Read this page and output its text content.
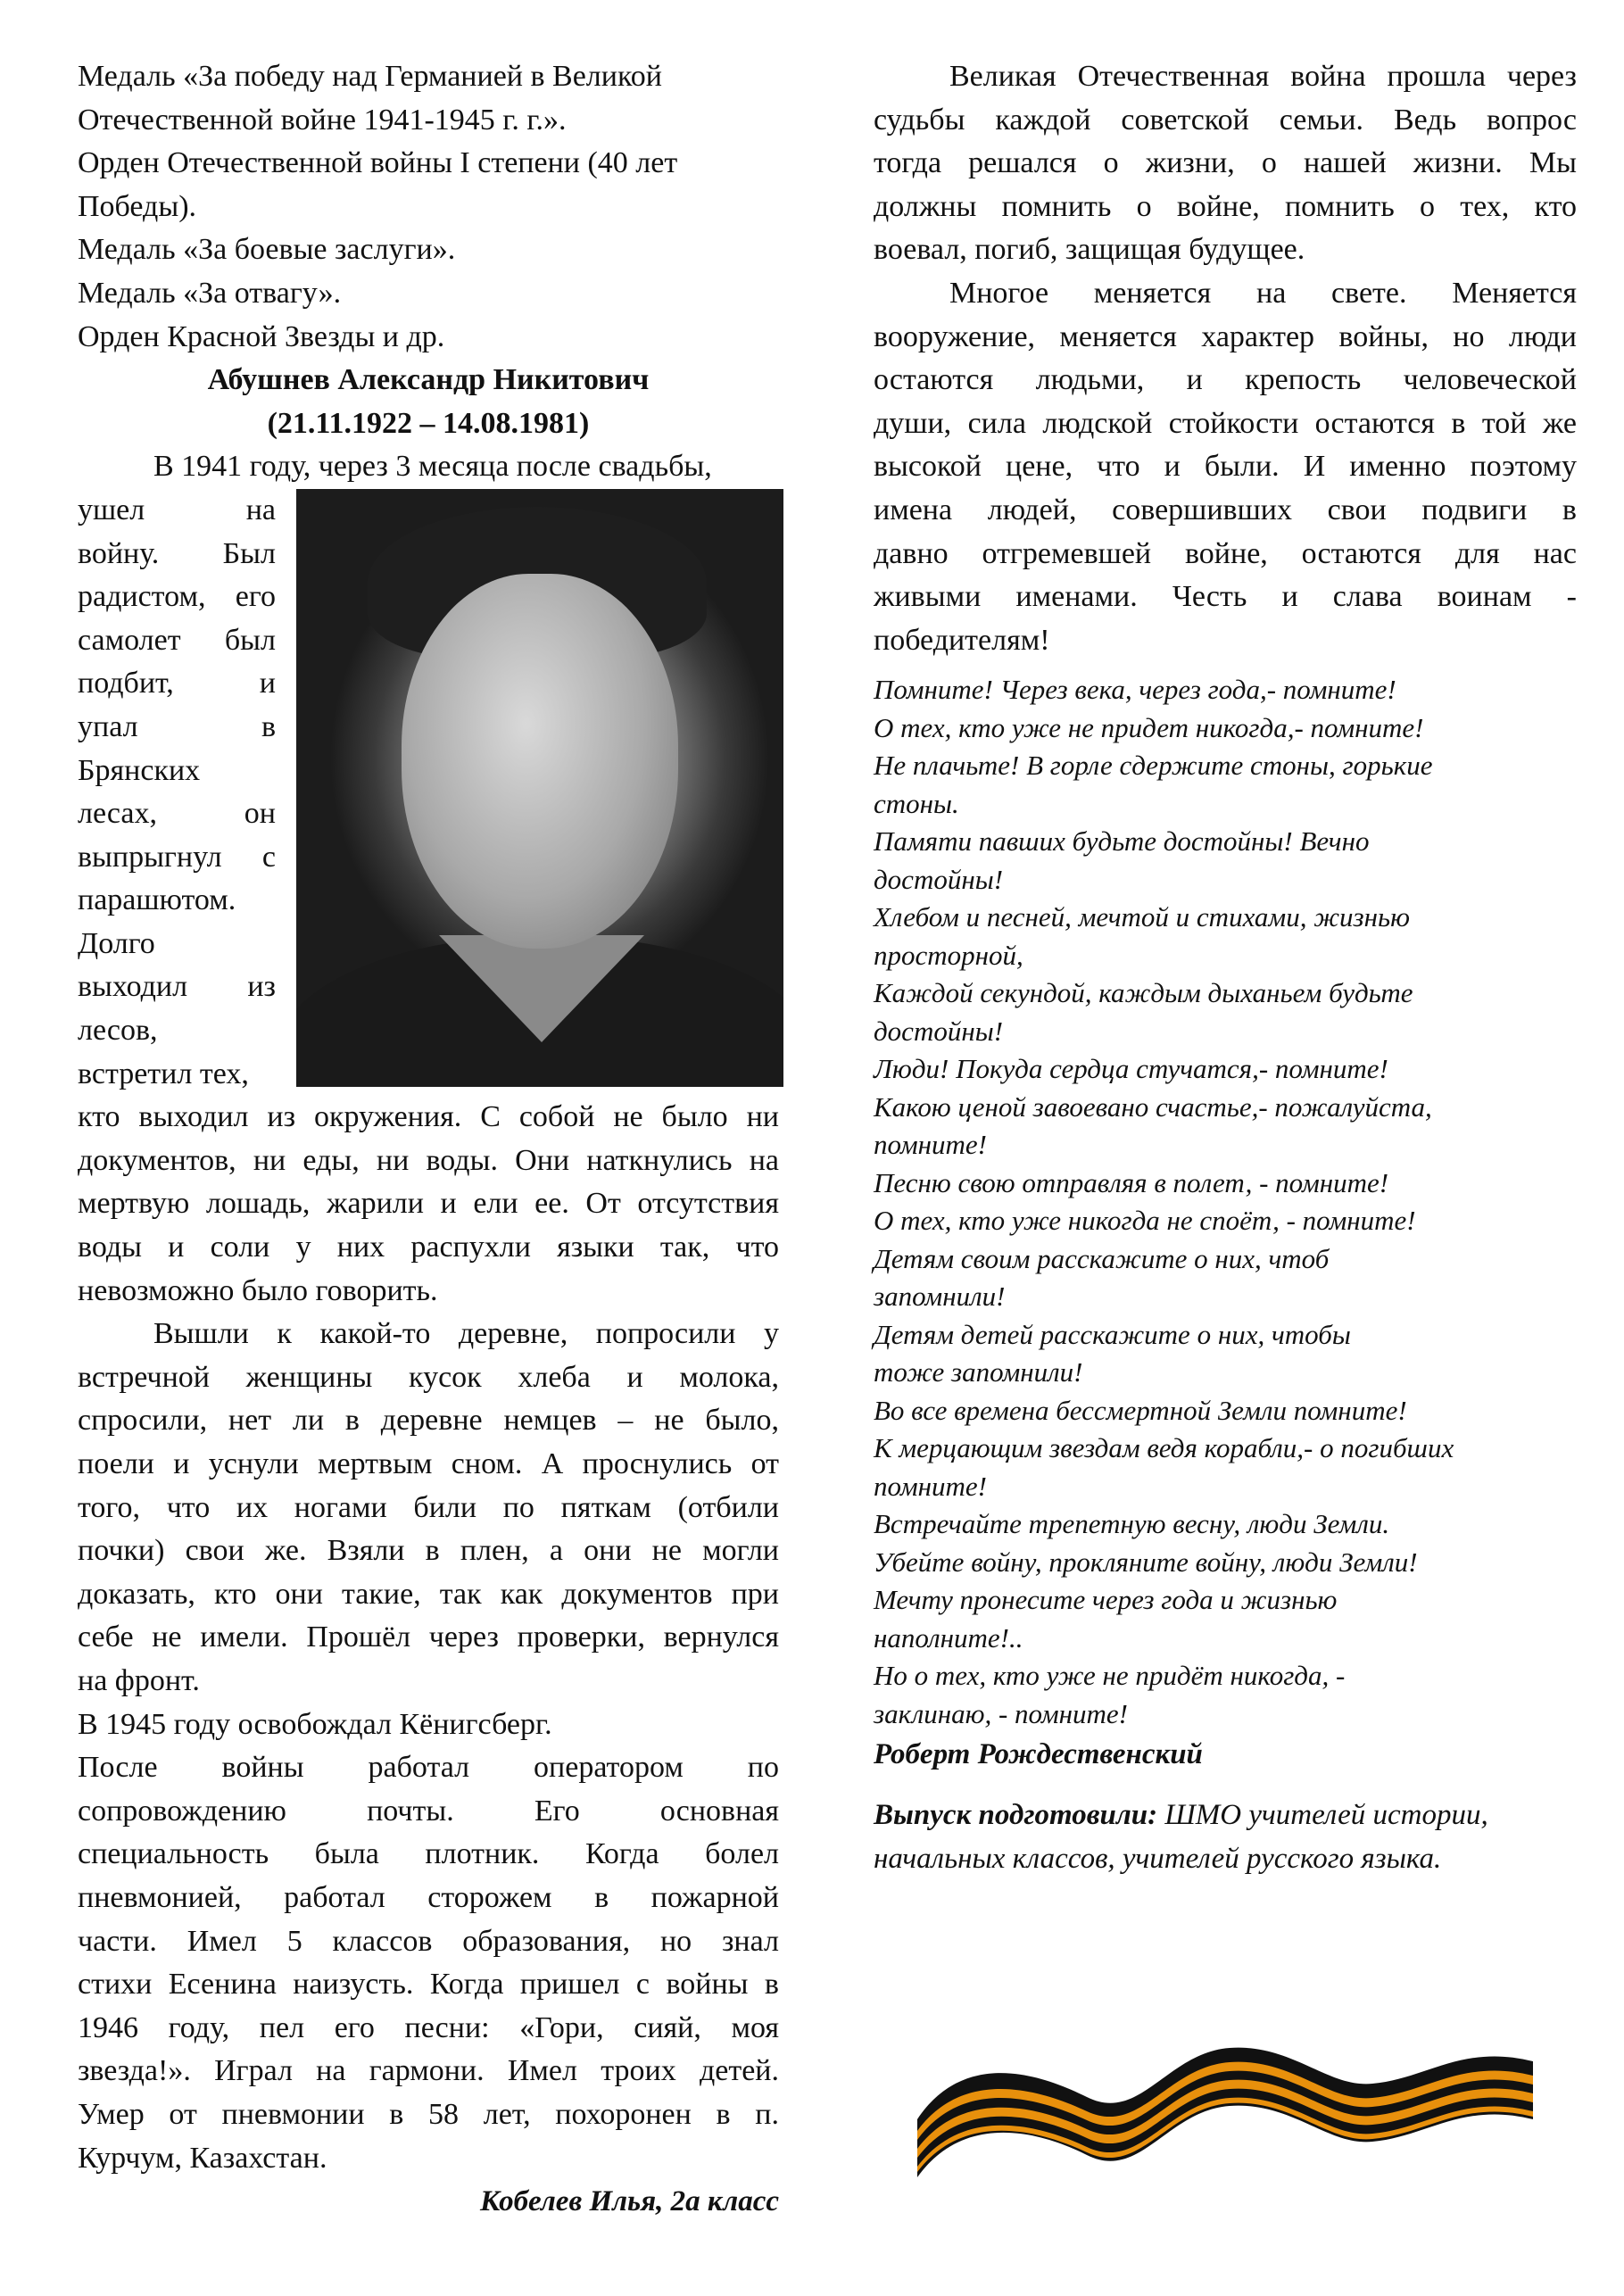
Медаль «За победу над Германией в Великой

Отечественной войне 1941-1945 г. г.».

Орден Отечественной войны I степени (40 лет

Победы).

Медаль «За боевые заслуги».

Медаль «За отвагу».

Орден Красной Звезды и др.

Абушнев Александр Никитович

(21.11.1922 – 14.08.1981)

В 1941 году, через 3 месяца после свадьбы,

ушел на

войну. Был

радистом, его

самолет был

подбит, и

упал в

Брянских

лесах, он

выпрыгнул с

парашютом.

Долго

выходил из

лесов,

встретил тех,

кто выходил из окружения. С собой не было ни

документов, ни еды, ни воды. Они наткнулись на

мертвую лошадь, жарили и ели ее. От отсутствия

воды и соли у них распухли языки так, что

невозможно было говорить.

Вышли к какой-то деревне, попросили у

встречной женщины кусок хлеба и молока,

спросили, нет ли в деревне немцев – не было,

поели и уснули мертвым сном. А проснулись от

того, что их ногами били по пяткам (отбили

почки) свои же. Взяли в плен, а они не могли

доказать, кто они такие, так как документов при

себе не имели. Прошёл через проверки, вернулся

на фронт.

В 1945 году освобождал Кёнигсберг.

После войны работал оператором по

сопровождению почты. Его основная

специальность была плотник. Когда болел

пневмонией, работал сторожем в пожарной

части. Имел 5 классов образования, но знал

стихи Есенина наизусть. Когда пришел с войны в

1946 году, пел его песни: «Гори, сияй, моя

звезда!». Играл на гармони. Имел троих детей.

Умер от пневмонии в 58 лет, похоронен в п.

Курчум, Казахстан.

Кобелев Илья, 2а класс

Великая Отечественная война прошла через

судьбы каждой советской семьи. Ведь вопрос

тогда решался о жизни, о нашей жизни. Мы

должны помнить о войне, помнить о тех, кто

воевал, погиб, защищая будущее.

Многое меняется на свете. Меняется

вооружение, меняется характер войны, но люди

остаются людьми, и крепость человеческой

души, сила людской стойкости остаются в той же

высокой цене, что и были. И именно поэтому

имена людей, совершивших свои подвиги в

давно отгремевшей войне, остаются для нас

живыми именами. Честь и слава воинам -

победителям!

Помните! Через века, через года,- помните!

О тех, кто уже не придет никогда,- помните!

Не плачьте! В горле сдержите стоны, горькие

стоны.

Памяти павших будьте достойны! Вечно

достойны!

Хлебом и песней, мечтой и стихами, жизнью

просторной,

Каждой секундой, каждым дыханьем будьте

достойны!

Люди! Покуда сердца стучатся,- помните!

Какою ценой завоевано счастье,- пожалуйста,

помните!

Песню свою отправляя в полет, - помните!

О тех, кто уже никогда не споёт, - помните!

Детям своим расскажите о них, чтоб

запомнили!

Детям детей расскажите о них, чтобы

тоже запомнили!

Во все времена бессмертной Земли помните!

К мерцающим звездам ведя корабли,- о погибших

помните!

Встречайте трепетную весну, люди Земли.

Убейте войну, прокляните войну, люди Земли!

Мечту пронесите через года и жизнью

наполните!..

Но о тех, кто уже не придёт никогда, -

заклинаю, - помните!

Роберт Рождественский

Выпуск подготовили: ШМО учителей истории,

начальных классов, учителей русского языка.
